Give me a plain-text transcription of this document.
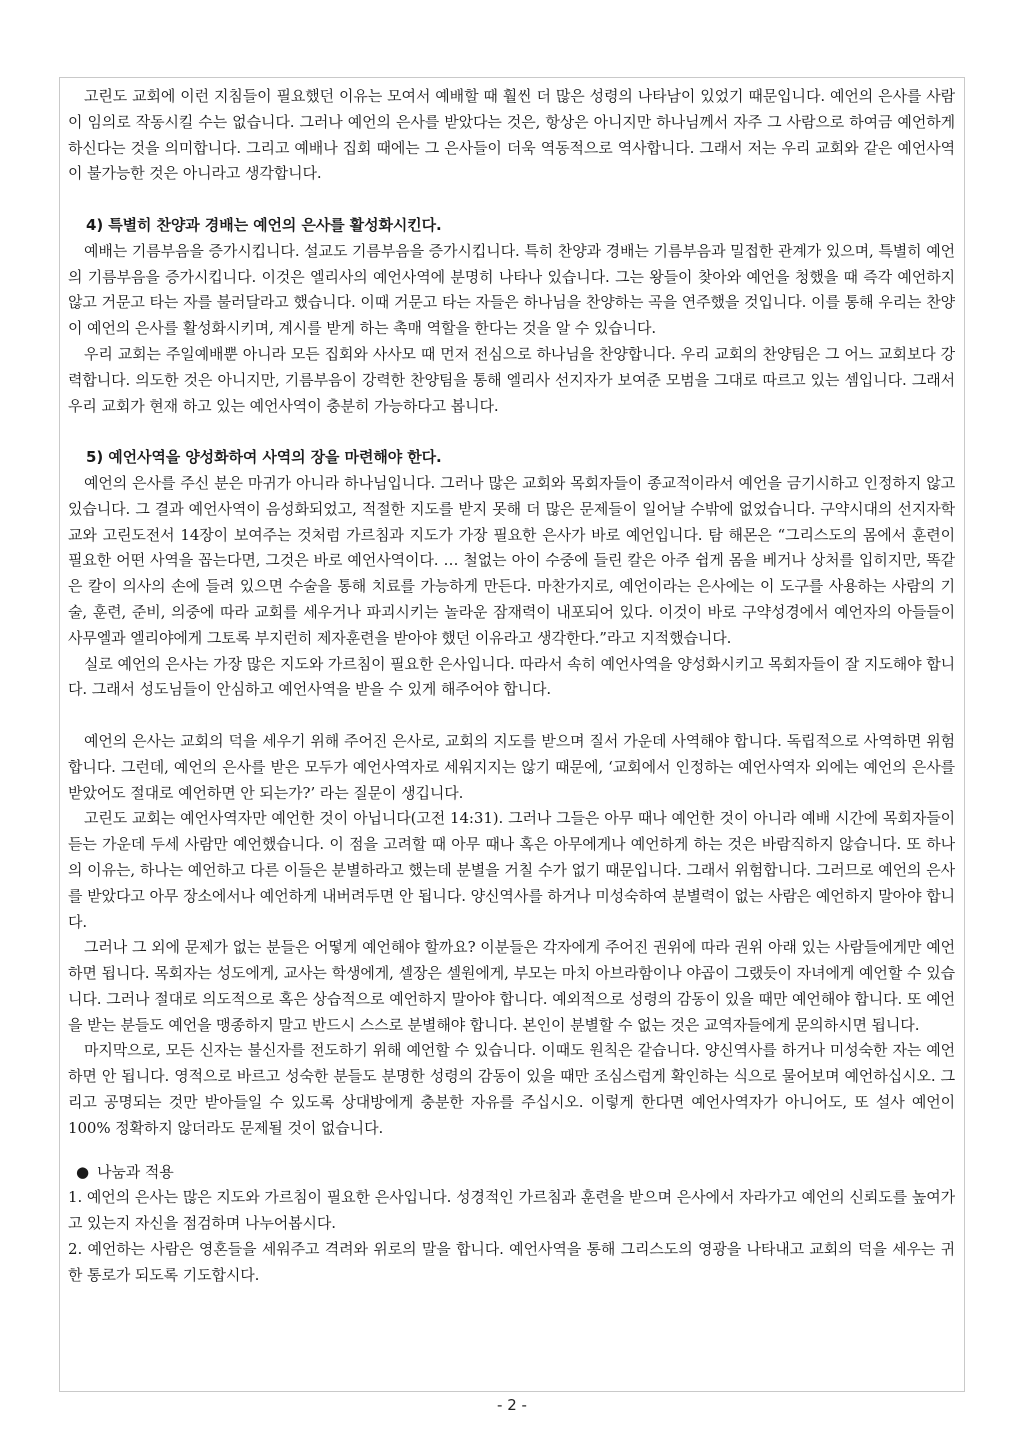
고린도 교회에 이런 지침들이 필요했던 이유는 모여서 예배할 때 훨씬 더 많은 성령의 나타남이 있었기 때문입니다. 예언의 은사를 사람이 임의로 작동시킬 수는 없습니다. 그러나 예언의 은사를 받았다는 것은, 항상은 아니지만 하나님께서 자주 그 사람으로 하여금 예언하게 하신다는 것을 의미합니다. 그리고 예배나 집회 때에는 그 은사들이 더욱 역동적으로 역사합니다. 그래서 저는 우리 교회와 같은 예언사역이 불가능한 것은 아니라고 생각합니다.

4) 특별히 찬양과 경배는 예언의 은사를 활성화시킨다.

예배는 기름부음을 증가시킵니다. 설교도 기름부음을 증가시킵니다. 특히 찬양과 경배는 기름부음과 밀접한 관계가 있으며, 특별히 예언의 기름부음을 증가시킵니다. 이것은 엘리사의 예언사역에 분명히 나타나 있습니다. 그는 왕들이 찾아와 예언을 청했을 때 즉각 예언하지 않고 거문고 타는 자를 불러달라고 했습니다. 이때 거문고 타는 자들은 하나님을 찬양하는 곡을 연주했을 것입니다. 이를 통해 우리는 찬양이 예언의 은사를 활성화시키며, 계시를 받게 하는 촉매 역할을 한다는 것을 알 수 있습니다.

우리 교회는 주일예배뿐 아니라 모든 집회와 사사모 때 먼저 전심으로 하나님을 찬양합니다. 우리 교회의 찬양팀은 그 어느 교회보다 강력합니다. 의도한 것은 아니지만, 기름부음이 강력한 찬양팀을 통해 엘리사 선지자가 보여준 모범을 그대로 따르고 있는 셈입니다. 그래서 우리 교회가 현재 하고 있는 예언사역이 충분히 가능하다고 봅니다.

5) 예언사역을 양성화하여 사역의 장을 마련해야 한다.

예언의 은사를 주신 분은 마귀가 아니라 하나님입니다. 그러나 많은 교회와 목회자들이 종교적이라서 예언을 금기시하고 인정하지 않고 있습니다. 그 결과 예언사역이 음성화되었고, 적절한 지도를 받지 못해 더 많은 문제들이 일어날 수밖에 없었습니다. 구약시대의 선지자학교와 고린도전서 14장이 보여주는 것처럼 가르침과 지도가 가장 필요한 은사가 바로 예언입니다. 탐 해몬은 “그리스도의 몸에서 훈련이 필요한 어떤 사역을 꼽는다면, 그것은 바로 예언사역이다. … 철없는 아이 수중에 들린 칼은 아주 쉽게 몸을 베거나 상처를 입히지만, 똑같은 칼이 의사의 손에 들려 있으면 수술을 통해 치료를 가능하게 만든다. 마찬가지로, 예언이라는 은사에는 이 도구를 사용하는 사람의 기술, 훈련, 준비, 의중에 따라 교회를 세우거나 파괴시키는 놀라운 잠재력이 내포되어 있다. 이것이 바로 구약성경에서 예언자의 아들들이 사무엘과 엘리야에게 그토록 부지런히 제자훈련을 받아야 했던 이유라고 생각한다.”라고 지적했습니다.

실로 예언의 은사는 가장 많은 지도와 가르침이 필요한 은사입니다. 따라서 속히 예언사역을 양성화시키고 목회자들이 잘 지도해야 합니다. 그래서 성도님들이 안심하고 예언사역을 받을 수 있게 해주어야 합니다.

예언의 은사는 교회의 덕을 세우기 위해 주어진 은사로, 교회의 지도를 받으며 질서 가운데 사역해야 합니다. 독립적으로 사역하면 위험합니다. 그런데, 예언의 은사를 받은 모두가 예언사역자로 세워지지는 않기 때문에, ‘교회에서 인정하는 예언사역자 외에는 예언의 은사를 받았어도 절대로 예언하면 안 되는가?’ 라는 질문이 생깁니다.

고린도 교회는 예언사역자만 예언한 것이 아닙니다(고전 14:31). 그러나 그들은 아무 때나 예언한 것이 아니라 예배 시간에 목회자들이 듣는 가운데 두세 사람만 예언했습니다. 이 점을 고려할 때 아무 때나 혹은 아무에게나 예언하게 하는 것은 바람직하지 않습니다. 또 하나의 이유는, 하나는 예언하고 다른 이들은 분별하라고 했는데 분별을 거칠 수가 없기 때문입니다. 그래서 위험합니다. 그러므로 예언의 은사를 받았다고 아무 장소에서나 예언하게 내버려두면 안 됩니다. 양신역사를 하거나 미성숙하여 분별력이 없는 사람은 예언하지 말아야 합니다.

그러나 그 외에 문제가 없는 분들은 어떻게 예언해야 할까요? 이분들은 각자에게 주어진 권위에 따라 권위 아래 있는 사람들에게만 예언하면 됩니다. 목회자는 성도에게, 교사는 학생에게, 셀장은 셀원에게, 부모는 마치 아브라함이나 야곱이 그랬듯이 자녀에게 예언할 수 있습니다. 그러나 절대로 의도적으로 혹은 상습적으로 예언하지 말아야 합니다. 예외적으로 성령의 감동이 있을 때만 예언해야 합니다. 또 예언을 받는 분들도 예언을 맹종하지 말고 반드시 스스로 분별해야 합니다. 본인이 분별할 수 없는 것은 교역자들에게 문의하시면 됩니다.

마지막으로, 모든 신자는 불신자를 전도하기 위해 예언할 수 있습니다. 이때도 원칙은 같습니다. 양신역사를 하거나 미성숙한 자는 예언하면 안 됩니다. 영적으로 바르고 성숙한 분들도 분명한 성령의 감동이 있을 때만 조심스럽게 확인하는 식으로 물어보며 예언하십시오. 그리고 공명되는 것만 받아들일 수 있도록 상대방에게 충분한 자유를 주십시오. 이렇게 한다면 예언사역자가 아니어도, 또 설사 예언이 100% 정확하지 않더라도 문제될 것이 없습니다.

● 나눔과 적용

1. 예언의 은사는 많은 지도와 가르침이 필요한 은사입니다. 성경적인 가르침과 훈련을 받으며 은사에서 자라가고 예언의 신뢰도를 높여가고 있는지 자신을 점검하며 나누어봅시다.

2. 예언하는 사람은 영혼들을 세워주고 격려와 위로의 말을 합니다. 예언사역을 통해 그리스도의 영광을 나타내고 교회의 덕을 세우는 귀한 통로가 되도록 기도합시다.

- 2 -
